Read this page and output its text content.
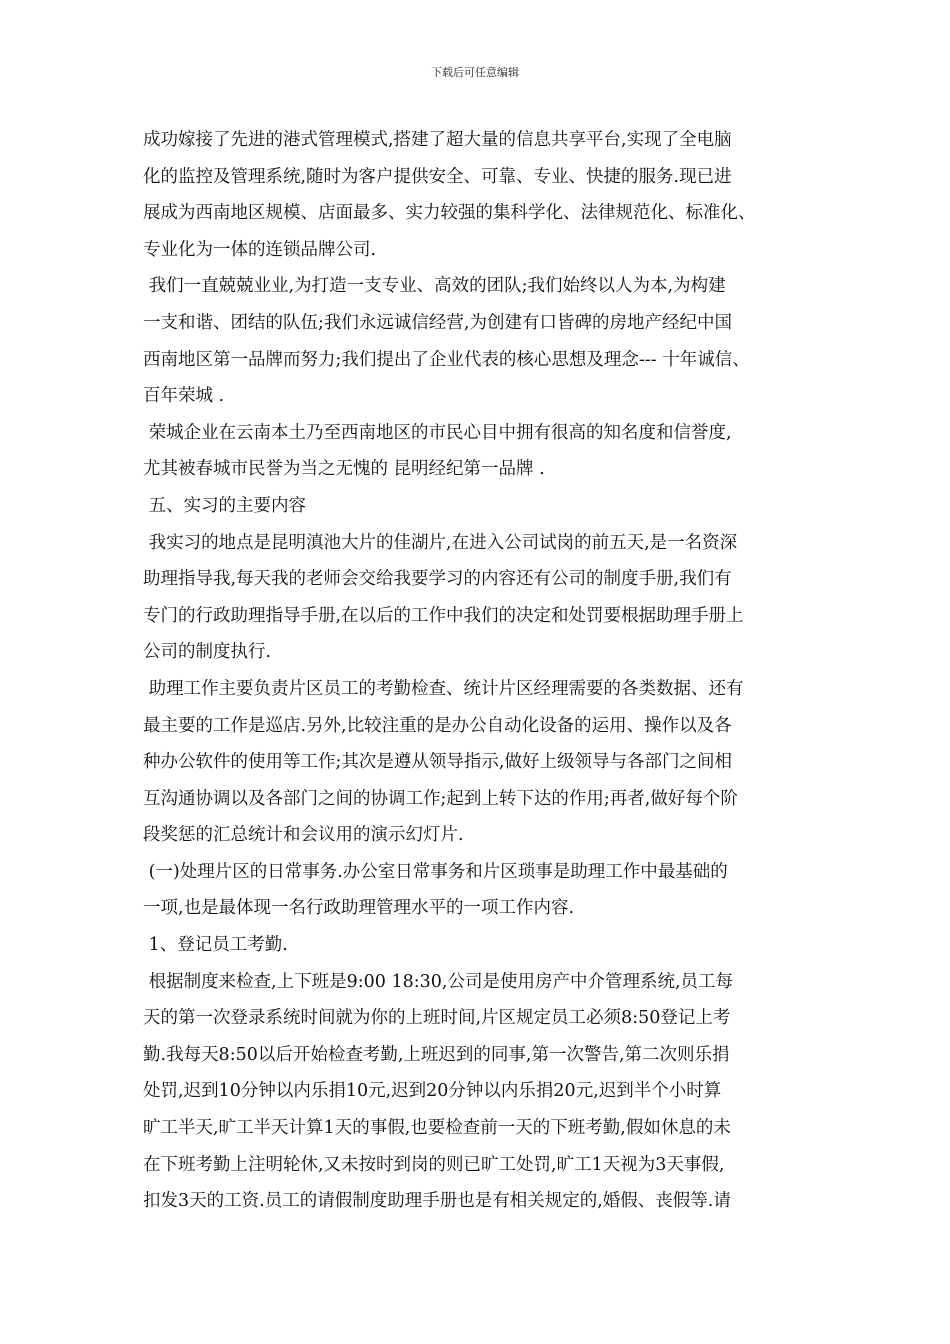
下载后可任意编辑
成功嫁接了先进的港式管理模式,搭建了超大量的信息共享平台,实现了全电脑
化的监控及管理系统,随时为客户提供安全、可靠、专业、快捷的服务.现已进
展成为西南地区规模、店面最多、实力较强的集科学化、法律规范化、标准化、
专业化为一体的连锁品牌公司.
我们一直兢兢业业,为打造一支专业、高效的团队;我们始终以人为本,为构建
一支和谐、团结的队伍;我们永远诚信经营,为创建有口皆碑的房地产经纪中国
西南地区第一品牌而努力;我们提出了企业代表的核心思想及理念--- 十年诚信、
百年荣城 .
荣城企业在云南本土乃至西南地区的市民心目中拥有很高的知名度和信誉度,
尤其被春城市民誉为当之无愧的 昆明经纪第一品牌 .
五、实习的主要内容
我实习的地点是昆明滇池大片的佳湖片,在进入公司试岗的前五天,是一名资深
助理指导我,每天我的老师会交给我要学习的内容还有公司的制度手册,我们有
专门的行政助理指导手册,在以后的工作中我们的决定和处罚要根据助理手册上
公司的制度执行.
助理工作主要负责片区员工的考勤检查、统计片区经理需要的各类数据、还有
最主要的工作是巡店.另外,比较注重的是办公自动化设备的运用、操作以及各
种办公软件的使用等工作;其次是遵从领导指示,做好上级领导与各部门之间相
互沟通协调以及各部门之间的协调工作;起到上转下达的作用;再者,做好每个阶
段奖惩的汇总统计和会议用的演示幻灯片.
(一)处理片区的日常事务.办公室日常事务和片区琐事是助理工作中最基础的
一项,也是最体现一名行政助理管理水平的一项工作内容.
1、登记员工考勤.
根据制度来检查,上下班是9:00 18:30,公司是使用房产中介管理系统,员工每
天的第一次登录系统时间就为你的上班时间,片区规定员工必须8:50登记上考
勤.我每天8:50以后开始检查考勤,上班迟到的同事,第一次警告,第二次则乐捐
处罚,迟到10分钟以内乐捐10元,迟到20分钟以内乐捐20元,迟到半个小时算
旷工半天,旷工半天计算1天的事假,也要检查前一天的下班考勤,假如休息的未
在下班考勤上注明轮休,又未按时到岗的则已旷工处罚,旷工1天视为3天事假,
扣发3天的工资.员工的请假制度助理手册也是有相关规定的,婚假、丧假等.请
